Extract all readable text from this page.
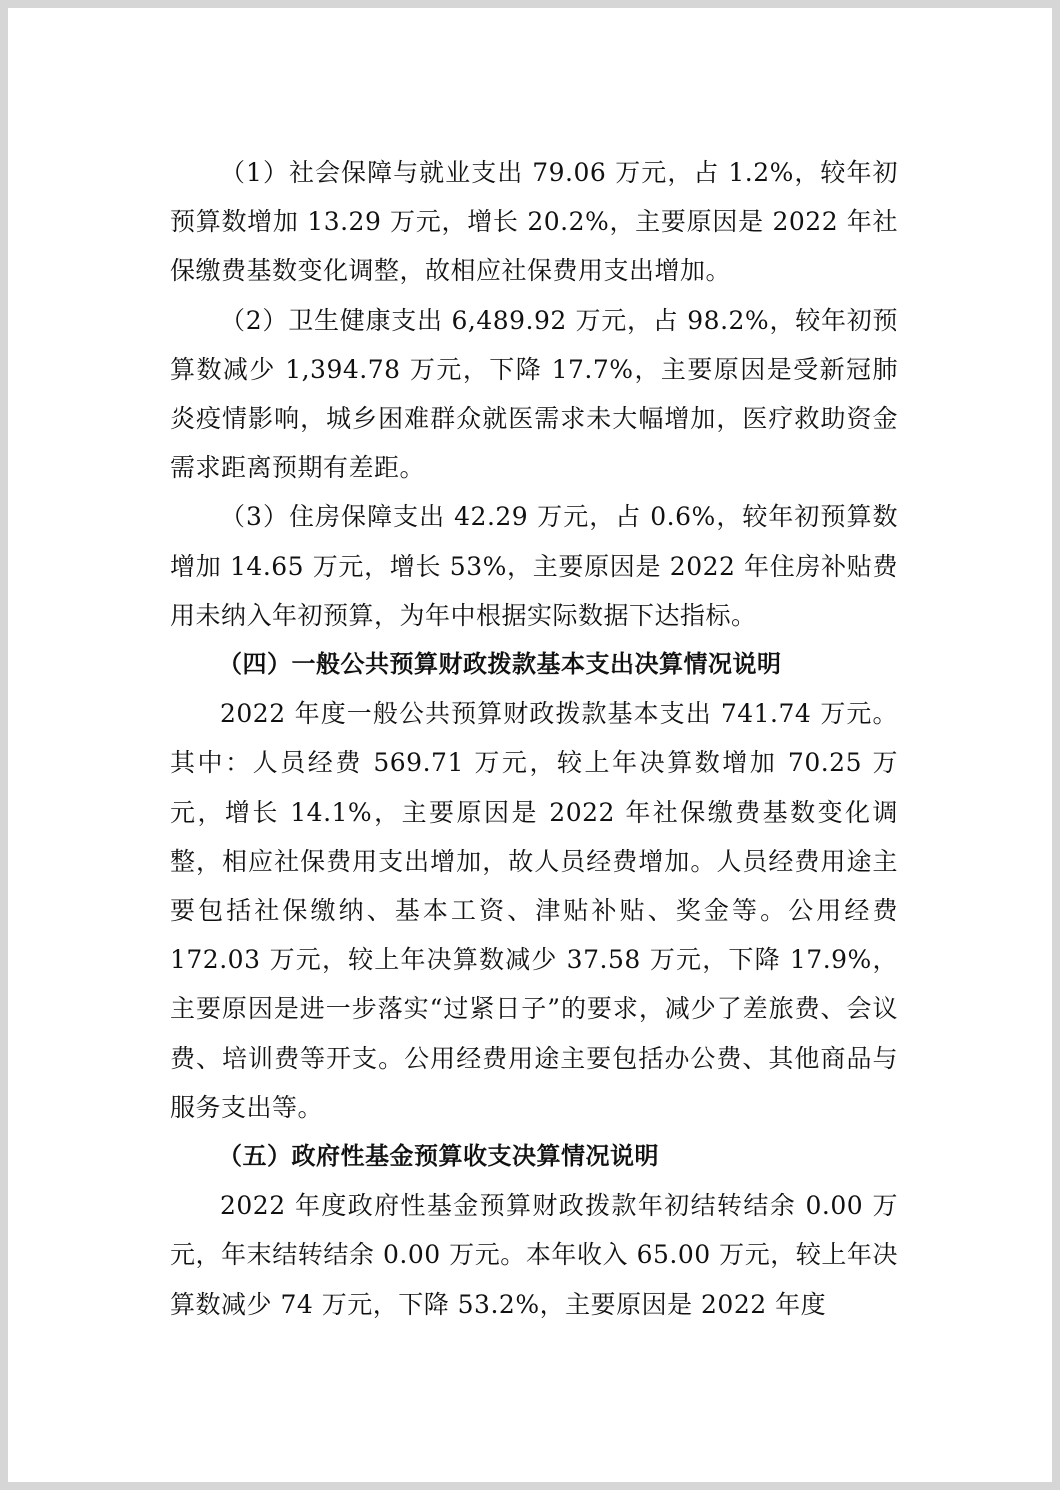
（1）社会保障与就业支出 79.06 万元，占 1.2%，较年初预算数增加 13.29 万元，增长 20.2%，主要原因是 2022 年社保缴费基数变化调整，故相应社保费用支出增加。

（2）卫生健康支出 6,489.92 万元，占 98.2%，较年初预算数减少 1,394.78 万元，下降 17.7%，主要原因是受新冠肺炎疫情影响，城乡困难群众就医需求未大幅增加，医疗救助资金需求距离预期有差距。

（3）住房保障支出 42.29 万元，占 0.6%，较年初预算数增加 14.65 万元，增长 53%，主要原因是 2022 年住房补贴费用未纳入年初预算，为年中根据实际数据下达指标。

（四）一般公共预算财政拨款基本支出决算情况说明

2022 年度一般公共预算财政拨款基本支出 741.74 万元。其中：人员经费 569.71 万元，较上年决算数增加 70.25 万元，增长 14.1%，主要原因是 2022 年社保缴费基数变化调整，相应社保费用支出增加，故人员经费增加。人员经费用途主要包括社保缴纳、基本工资、津贴补贴、奖金等。公用经费 172.03 万元，较上年决算数减少 37.58 万元，下降 17.9%，主要原因是进一步落实“过紧日子”的要求，减少了差旅费、会议费、培训费等开支。公用经费用途主要包括办公费、其他商品与服务支出等。

（五）政府性基金预算收支决算情况说明

2022 年度政府性基金预算财政拨款年初结转结余 0.00 万元，年末结转结余 0.00 万元。本年收入 65.00 万元，较上年决算数减少 74 万元，下降 53.2%，主要原因是 2022 年度
